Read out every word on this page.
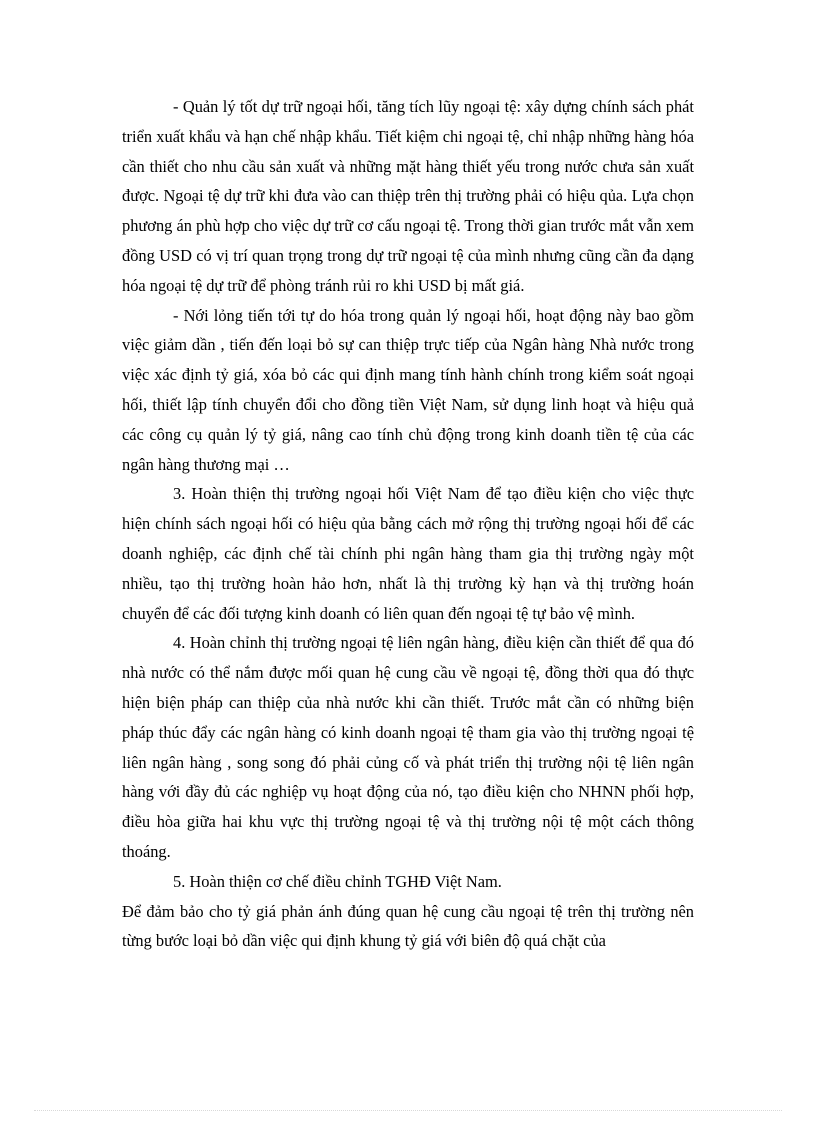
- Quản lý tốt dự trữ ngoại hối, tăng tích lũy ngoại tệ: xây dựng chính sách phát triển xuất khẩu và hạn chế nhập khẩu. Tiết kiệm chi ngoại tệ, chỉ nhập những hàng hóa cần thiết cho nhu cầu sản xuất và những mặt hàng thiết yếu trong nước chưa sản xuất được. Ngoại tệ dự trữ khi đưa vào can thiệp trên thị trường phải có hiệu qủa. Lựa chọn phương án phù hợp cho việc dự trữ cơ cấu ngoại tệ. Trong thời gian trước mắt vẫn xem đồng USD có vị trí quan trọng trong dự trữ ngoại tệ của mình nhưng cũng cần đa dạng hóa ngoại tệ dự trữ để phòng tránh rủi ro khi USD bị mất giá.

- Nới lỏng tiến tới tự do hóa trong quản lý ngoại hối, hoạt động này bao gồm việc giảm dần , tiến đến loại bỏ sự can thiệp trực tiếp của Ngân hàng Nhà nước trong việc xác định tỷ giá, xóa bỏ các qui định mang tính hành chính trong kiểm soát ngoại hối, thiết lập tính chuyển đổi cho đồng tiền Việt Nam, sử dụng linh hoạt và hiệu quả các công cụ quản lý tỷ giá, nâng cao tính chủ động trong kinh doanh tiền tệ của các ngân hàng thương mại …

3. Hoàn thiện thị trường ngoại hối Việt Nam để tạo điều kiện cho việc thực hiện chính sách ngoại hối có hiệu qủa bằng cách mở rộng thị trường ngoại hối để các doanh nghiệp, các định chế tài chính phi ngân hàng tham gia thị trường ngày một nhiều, tạo thị trường hoàn hảo hơn, nhất là thị trường kỳ hạn và thị trường hoán chuyển để các đối tượng kinh doanh có liên quan đến ngoại tệ tự bảo vệ mình.

4. Hoàn chỉnh thị trường ngoại tệ liên ngân hàng, điều kiện cần thiết để qua đó nhà nước có thể nắm được mối quan hệ cung cầu về ngoại tệ, đồng thời qua đó thực hiện biện pháp can thiệp của nhà nước khi cần thiết. Trước mắt cần có những biện pháp thúc đẩy các ngân hàng có kinh doanh ngoại tệ tham gia vào thị trường ngoại tệ liên ngân hàng , song song đó phải củng cố và phát triển thị trường nội tệ liên ngân hàng với đầy đủ các nghiệp vụ hoạt động của nó, tạo điều kiện cho NHNN phối hợp, điều hòa giữa hai khu vực thị trường ngoại tệ và thị trường nội tệ một cách thông thoáng.

5. Hoàn thiện cơ chế điều chỉnh TGHĐ Việt Nam.

Để đảm bảo cho tỷ giá phản ánh đúng quan hệ cung cầu ngoại tệ trên thị trường nên từng bước loại bỏ dần việc qui định khung tỷ giá với biên độ quá chặt của
